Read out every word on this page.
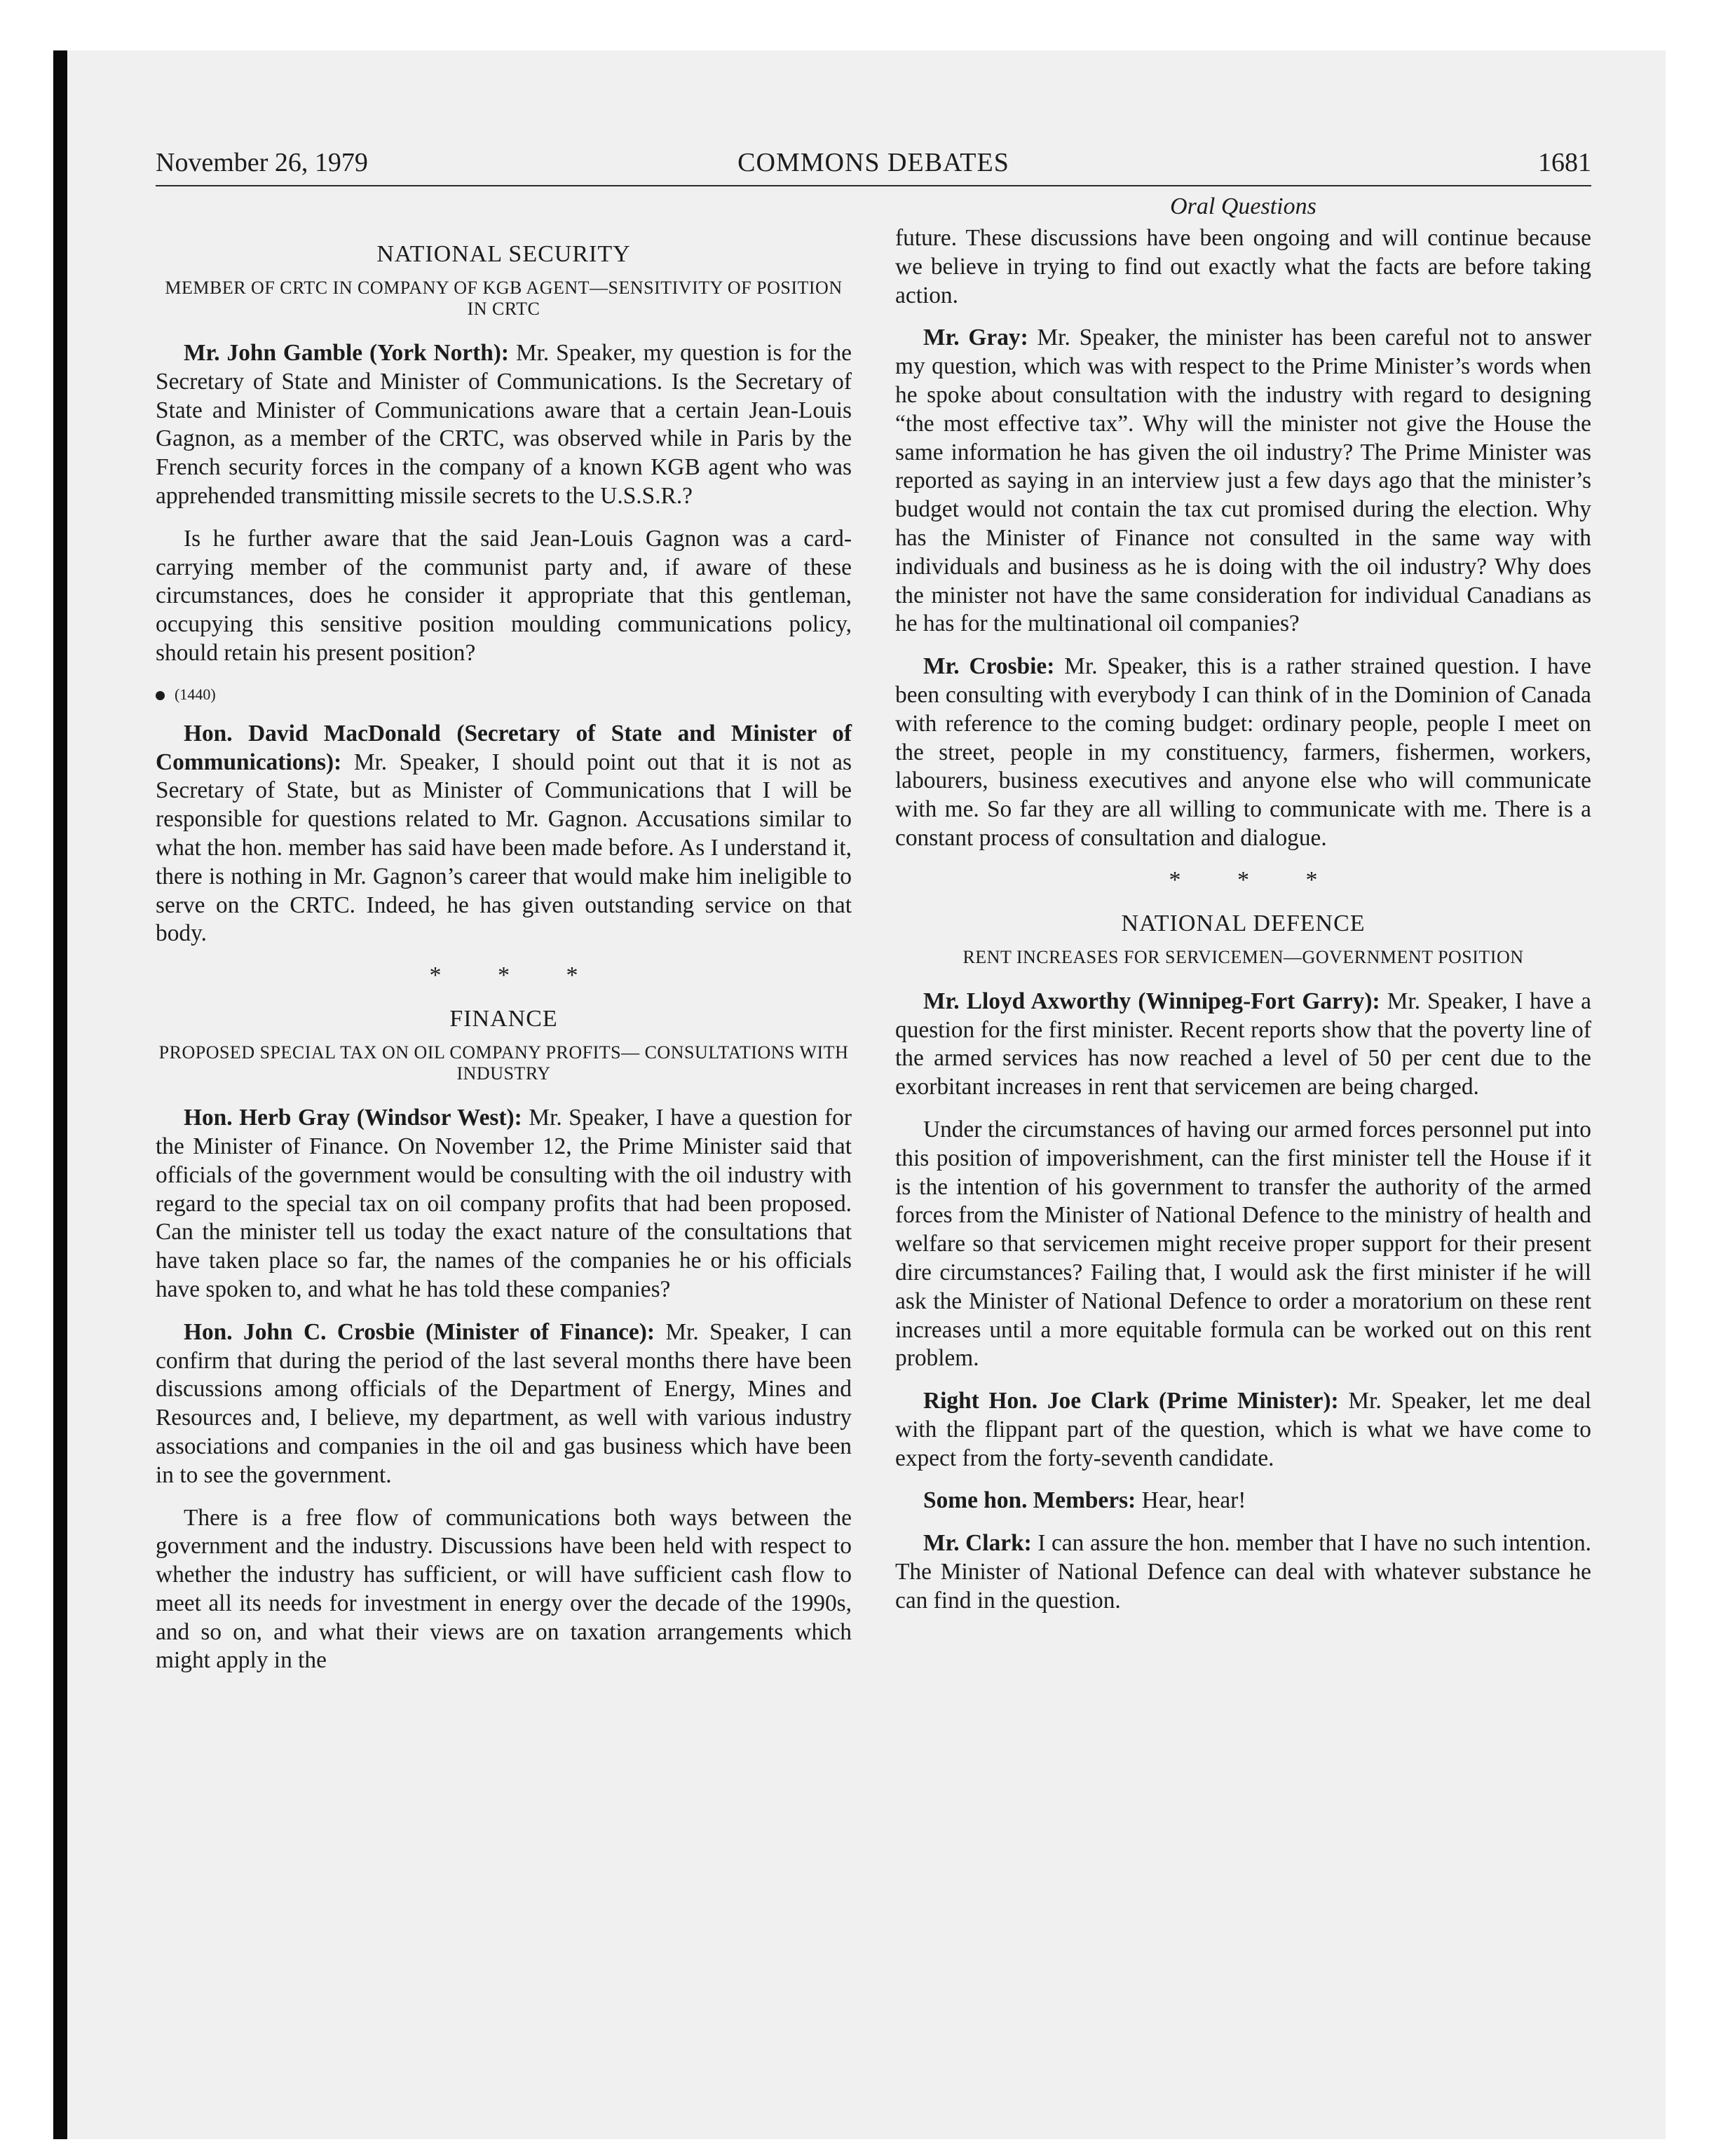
November 26, 1979	COMMONS DEBATES	1681
NATIONAL SECURITY
MEMBER OF CRTC IN COMPANY OF KGB AGENT—SENSITIVITY OF POSITION IN CRTC

Mr. John Gamble (York North): Mr. Speaker, my question is for the Secretary of State and Minister of Communications. Is the Secretary of State and Minister of Communications aware that a certain Jean-Louis Gagnon, as a member of the CRTC, was observed while in Paris by the French security forces in the company of a known KGB agent who was apprehended transmitting missile secrets to the U.S.S.R.?

Is he further aware that the said Jean-Louis Gagnon was a card-carrying member of the communist party and, if aware of these circumstances, does he consider it appropriate that this gentleman, occupying this sensitive position moulding communications policy, should retain his present position?

(1440)

Hon. David MacDonald (Secretary of State and Minister of Communications): Mr. Speaker, I should point out that it is not as Secretary of State, but as Minister of Communications that I will be responsible for questions related to Mr. Gagnon. Accusations similar to what the hon. member has said have been made before. As I understand it, there is nothing in Mr. Gagnon’s career that would make him ineligible to serve on the CRTC. Indeed, he has given outstanding service on that body.

* * *
FINANCE
PROPOSED SPECIAL TAX ON OIL COMPANY PROFITS— CONSULTATIONS WITH INDUSTRY

Hon. Herb Gray (Windsor West): Mr. Speaker, I have a question for the Minister of Finance. On November 12, the Prime Minister said that officials of the government would be consulting with the oil industry with regard to the special tax on oil company profits that had been proposed. Can the minister tell us today the exact nature of the consultations that have taken place so far, the names of the companies he or his officials have spoken to, and what he has told these companies?

Hon. John C. Crosbie (Minister of Finance): Mr. Speaker, I can confirm that during the period of the last several months there have been discussions among officials of the Department of Energy, Mines and Resources and, I believe, my department, as well with various industry associations and companies in the oil and gas business which have been in to see the government.

There is a free flow of communications both ways between the government and the industry. Discussions have been held with respect to whether the industry has sufficient, or will have sufficient cash flow to meet all its needs for investment in energy over the decade of the 1990s, and so on, and what their views are on taxation arrangements which might apply in the

Oral Questions

future. These discussions have been ongoing and will continue because we believe in trying to find out exactly what the facts are before taking action.

Mr. Gray: Mr. Speaker, the minister has been careful not to answer my question, which was with respect to the Prime Minister’s words when he spoke about consultation with the industry with regard to designing “the most effective tax”. Why will the minister not give the House the same information he has given the oil industry? The Prime Minister was reported as saying in an interview just a few days ago that the minister’s budget would not contain the tax cut promised during the election. Why has the Minister of Finance not consulted in the same way with individuals and business as he is doing with the oil industry? Why does the minister not have the same consideration for individual Canadians as he has for the multinational oil companies?

Mr. Crosbie: Mr. Speaker, this is a rather strained question. I have been consulting with everybody I can think of in the Dominion of Canada with reference to the coming budget: ordinary people, people I meet on the street, people in my constituency, farmers, fishermen, workers, labourers, business executives and anyone else who will communicate with me. So far they are all willing to communicate with me. There is a constant process of consultation and dialogue.

* * *
NATIONAL DEFENCE
RENT INCREASES FOR SERVICEMEN—GOVERNMENT POSITION

Mr. Lloyd Axworthy (Winnipeg-Fort Garry): Mr. Speaker, I have a question for the first minister. Recent reports show that the poverty line of the armed services has now reached a level of 50 per cent due to the exorbitant increases in rent that servicemen are being charged.

Under the circumstances of having our armed forces personnel put into this position of impoverishment, can the first minister tell the House if it is the intention of his government to transfer the authority of the armed forces from the Minister of National Defence to the ministry of health and welfare so that servicemen might receive proper support for their present dire circumstances? Failing that, I would ask the first minister if he will ask the Minister of National Defence to order a moratorium on these rent increases until a more equitable formula can be worked out on this rent problem.

Right Hon. Joe Clark (Prime Minister): Mr. Speaker, let me deal with the flippant part of the question, which is what we have come to expect from the forty-seventh candidate.

Some hon. Members: Hear, hear!

Mr. Clark: I can assure the hon. member that I have no such intention. The Minister of National Defence can deal with whatever substance he can find in the question.
